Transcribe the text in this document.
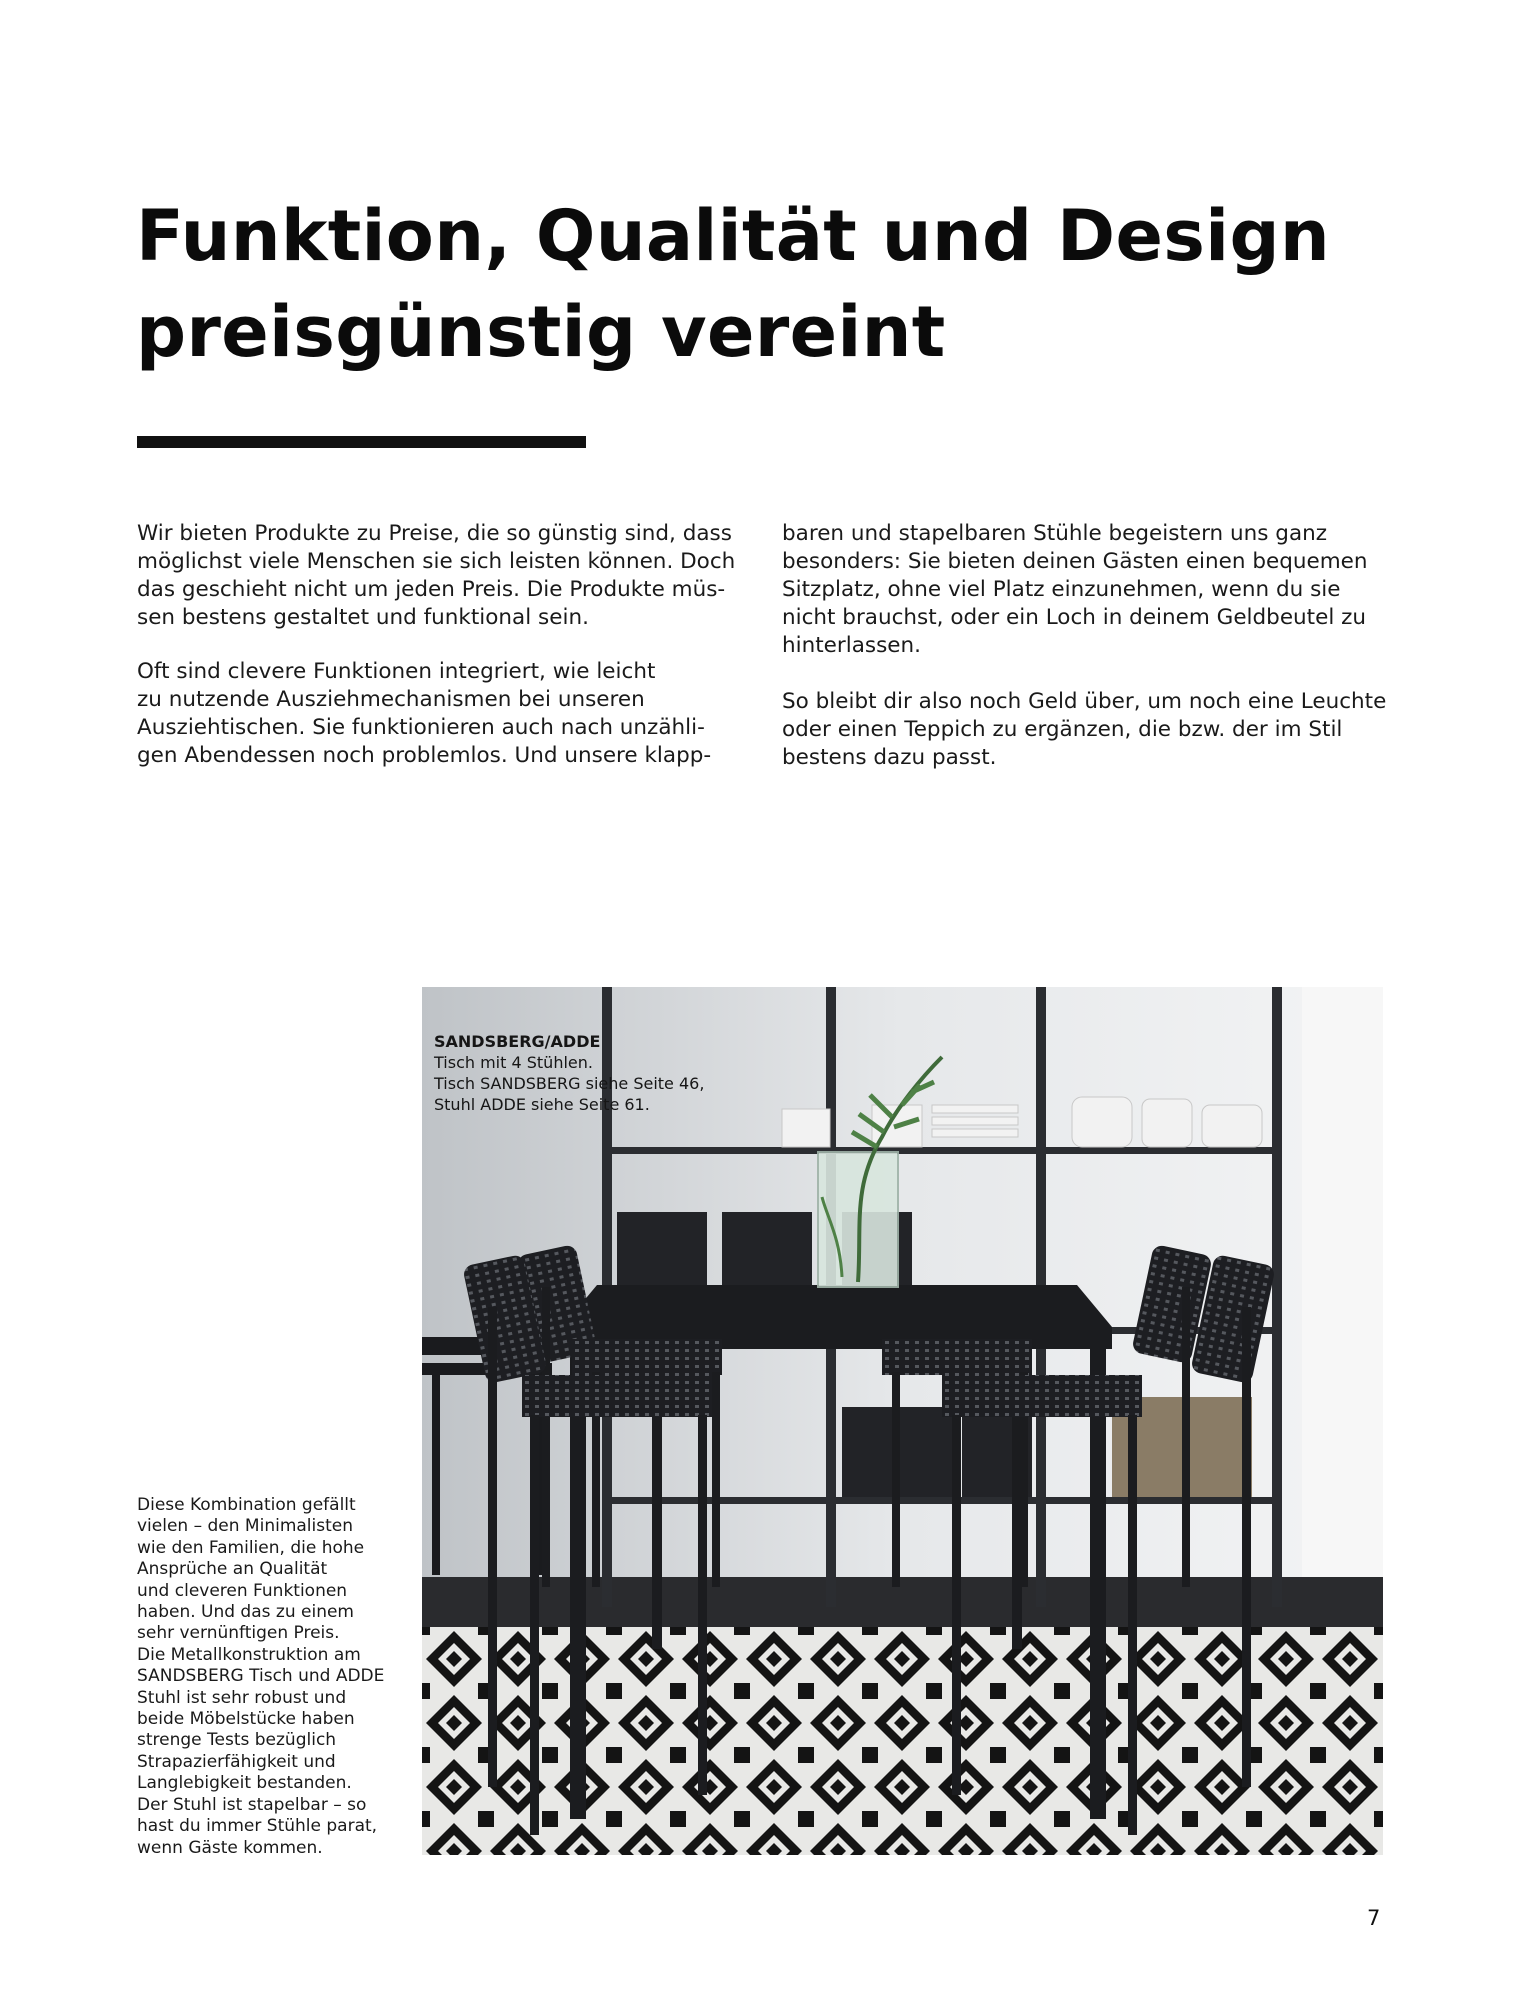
Funktion, Qualität und Design
preisgünstig vereint

Wir bieten Produkte zu Preise, die so günstig sind, dass
möglichst viele Menschen sie sich leisten können. Doch
das geschieht nicht um jeden Preis. Die Produkte müs-
sen bestens gestaltet und funktional sein.

Oft sind clevere Funktionen integriert, wie leicht
zu nutzende Ausziehmechanismen bei unseren
Ausziehtischen. Sie funktionieren auch nach unzähli-
gen Abendessen noch problemlos. Und unsere klapp-

baren und stapelbaren Stühle begeistern uns ganz
besonders: Sie bieten deinen Gästen einen bequemen
Sitzplatz, ohne viel Platz einzunehmen, wenn du sie
nicht brauchst, oder ein Loch in deinem Geldbeutel zu
hinterlassen.

So bleibt dir also noch Geld über, um noch eine Leuchte
oder einen Teppich zu ergänzen, die bzw. der im Stil
bestens dazu passt.

SANDSBERG/ADDE
Tisch mit 4 Stühlen.
Tisch SANDSBERG siehe Seite 46,
Stuhl ADDE siehe Seite 61.

Diese Kombination gefällt
vielen – den Minimalisten
wie den Familien, die hohe
Ansprüche an Qualität
und cleveren Funktionen
haben. Und das zu einem
sehr vernünftigen Preis.
Die Metallkonstruktion am
SANDSBERG Tisch und ADDE
Stuhl ist sehr robust und
beide Möbelstücke haben
strenge Tests bezüglich
Strapazierfähigkeit und
Langlebigkeit bestanden.
Der Stuhl ist stapelbar – so
hast du immer Stühle parat,
wenn Gäste kommen.

7
